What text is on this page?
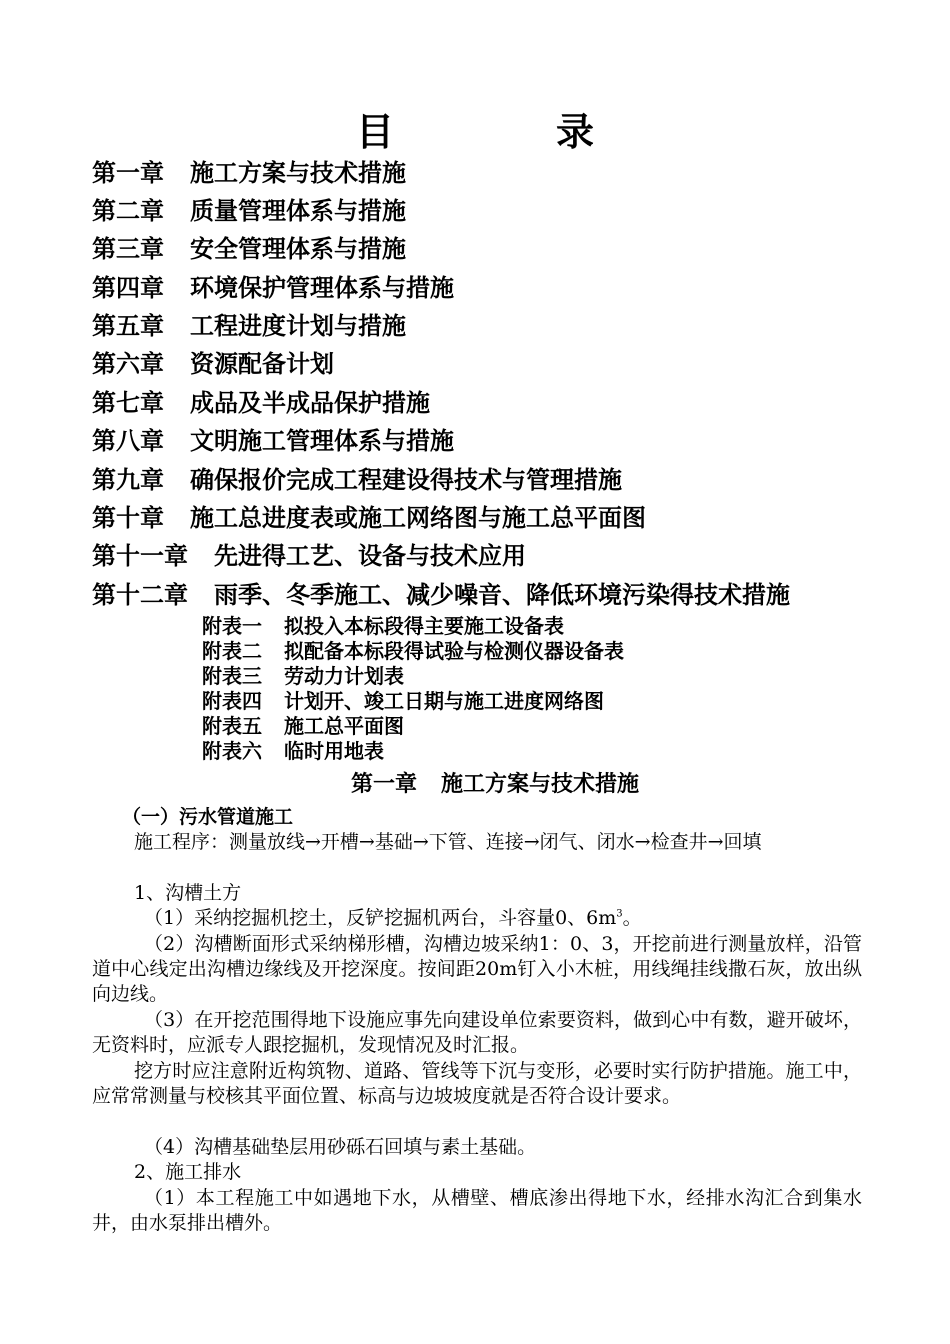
目　录
第一章 施工方案与技术措施
第二章 质量管理体系与措施
第三章 安全管理体系与措施
第四章 环境保护管理体系与措施
第五章 工程进度计划与措施
第六章 资源配备计划
第七章 成品及半成品保护措施
第八章 文明施工管理体系与措施
第九章 确保报价完成工程建设得技术与管理措施
第十章 施工总进度表或施工网络图与施工总平面图
第十一章 先进得工艺、设备与技术应用
第十二章 雨季、冬季施工、减少噪音、降低环境污染得技术措施
附表一 拟投入本标段得主要施工设备表
附表二 拟配备本标段得试验与检测仪器设备表
附表三 劳动力计划表
附表四 计划开、竣工日期与施工进度网络图
附表五 施工总平面图
附表六 临时用地表
第一章 施工方案与技术措施
（一）污水管道施工
施工程序：测量放线→开槽→基础→下管、连接→闭气、闭水→检查井→回填
1、沟槽土方
（1）采纳挖掘机挖土，反铲挖掘机两台，斗容量0、$6m^3$。
（2）沟槽断面形式采纳梯形槽，沟槽边坡采纳1：0、3，开挖前进行测量放样，沿管道中心线定出沟槽边缘线及开挖深度。按间距20m钉入小木桩，用线绳挂线撒石灰，放出纵向边线。
（3）在开挖范围得地下设施应事先向建设单位索要资料，做到心中有数，避开破坏，无资料时，应派专人跟挖掘机，发现情况及时汇报。
挖方时应注意附近构筑物、道路、管线等下沉与变形，必要时实行防护措施。施工中，应常常测量与校核其平面位置、标高与边坡坡度就是否符合设计要求。
（4）沟槽基础垫层用砂砾石回填与素土基础。
2、施工排水
（1）本工程施工中如遇地下水，从槽壁、槽底渗出得地下水，经排水沟汇合到集水井，由水泵排出槽外。
